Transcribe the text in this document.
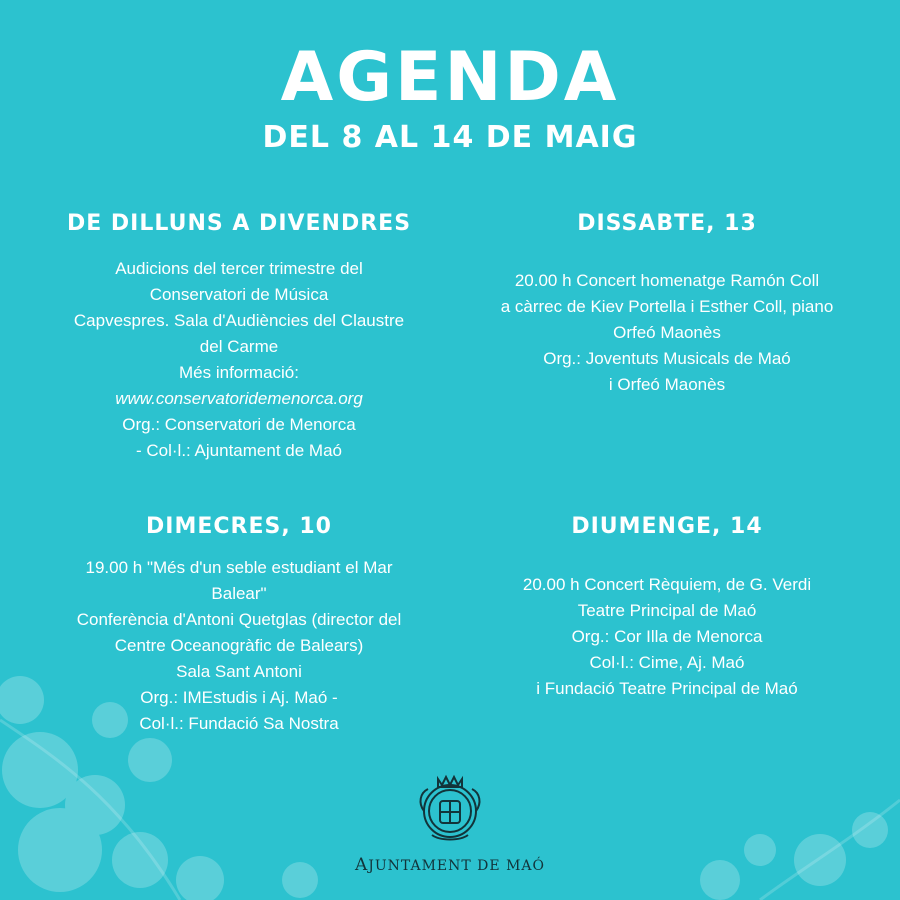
AGENDA
DEL 8 AL 14 DE MAIG
DE DILLUNS A DIVENDRES
Audicions del tercer trimestre del
Conservatori de Música
Capvespres. Sala d'Audiències del Claustre
del Carme
Més informació:
www.conservatoridemenorca.org
Org.: Conservatori de Menorca
- Col·l.: Ajuntament de Maó
DISSABTE, 13
20.00 h Concert homenatge Ramón Coll
a càrrec de Kiev Portella i Esther Coll, piano
Orfeó Maonès
Org.: Joventuts Musicals de Maó
i Orfeó Maonès
DIMECRES, 10
19.00 h "Més d'un seble estudiant el Mar
Balear"
Conferència d'Antoni Quetglas (director del
Centre Oceanogràfic de Balears)
Sala Sant Antoni
Org.: IMEstudis i Aj. Maó -
Col·l.: Fundació Sa Nostra
DIUMENGE, 14
20.00 h Concert Rèquiem, de G. Verdi
Teatre Principal de Maó
Org.: Cor Illa de Menorca
Col·l.: Cime, Aj. Maó
i Fundació Teatre Principal de Maó
AJUNTAMENT DE MAÓ
